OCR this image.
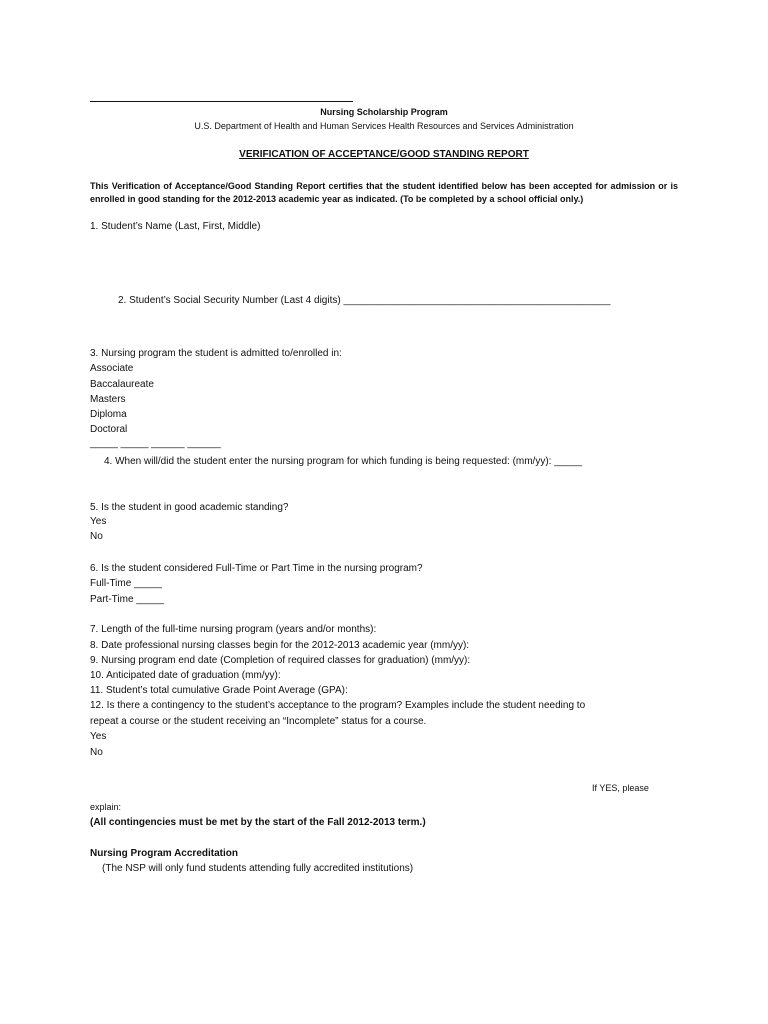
Nursing Scholarship Program
U.S. Department of Health and Human Services Health Resources and Services Administration
VERIFICATION OF ACCEPTANCE/GOOD STANDING REPORT
This Verification of Acceptance/Good Standing Report certifies that the student identified below has been accepted for admission or is enrolled in good standing for the 2012-2013 academic year as indicated. (To be completed by a school official only.)
1. Student’s Name (Last, First, Middle)
2. Student’s Social Security Number (Last 4 digits) ________________________________________________
3. Nursing program the student is admitted to/enrolled in:
Associate
Baccalaureate
Masters
Diploma
Doctoral
_____ _____ ______ ______
4. When will/did the student enter the nursing program for which funding is being requested: (mm/yy): _____
5. Is the student in good academic standing?
Yes
No
6. Is the student considered Full-Time or Part Time in the nursing program?
Full-Time _____
Part-Time _____
7. Length of the full-time nursing program (years and/or months):
8. Date professional nursing classes begin for the 2012-2013 academic year (mm/yy):
9. Nursing program end date (Completion of required classes for graduation) (mm/yy):
10. Anticipated date of graduation (mm/yy):
11. Student’s total cumulative Grade Point Average (GPA):
12. Is there a contingency to the student’s acceptance to the program? Examples include the student needing to
repeat a course or the student receiving an “Incomplete” status for a course.
Yes
No
If YES, please
explain:
(All contingencies must be met by the start of the Fall 2012-2013 term.)
Nursing Program Accreditation
(The NSP will only fund students attending fully accredited institutions)
